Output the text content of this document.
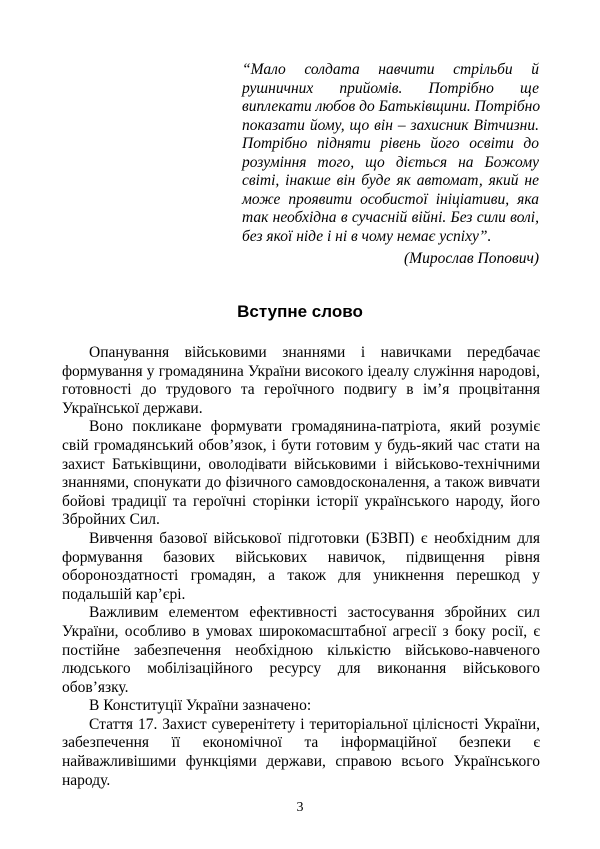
“Мало солдата навчити стрільби й
рушничних прийомів. Потрібно ще
виплекати любов до Батьківщини. Потрібно
показати йому, що він – захисник Вітчизни.
Потрібно підняти рівень його освіти до
розуміння того, що діється на Божому
світі, інакше він буде як автомат, який не
може проявити особистої ініціативи, яка
так необхідна в сучасній війні. Без сили волі,
без якої ніде і ні в чому немає успіху”.
(Мирослав Попович)
Вступне слово
Опанування військовими знаннями і навичками передбачає
формування у громадянина України високого ідеалу служіння народові,
готовності до трудового та героїчного подвигу в ім’я процвітання
Української держави.
Воно покликане формувати громадянина-патріота, який розуміє
свій громадянський обов’язок, і бути готовим у будь-який час стати на
захист Батьківщини, оволодівати військовими і військово-технічними
знаннями, спонукати до фізичного самовдосконалення, а також вивчати
бойові традиції та героїчні сторінки історії українського народу, його
Збройних Сил.
Вивчення базової військової підготовки (БЗВП) є необхідним для
формування базових військових навичок, підвищення рівня
обороноздатності громадян, а також для уникнення перешкод у
подальшій кар’єрі.
Важливим елементом ефективності застосування збройних сил
України, особливо в умовах широкомасштабної агресії з боку росії, є
постійне забезпечення необхідною кількістю військово-навченого
людського мобілізаційного ресурсу для виконання військового
обов’язку.
В Конституції України зазначено:
Стаття 17. Захист суверенітету і територіальної цілісності України,
забезпечення її економічної та інформаційної безпеки є
найважливішими функціями держави, справою всього Українського
народу.
3
